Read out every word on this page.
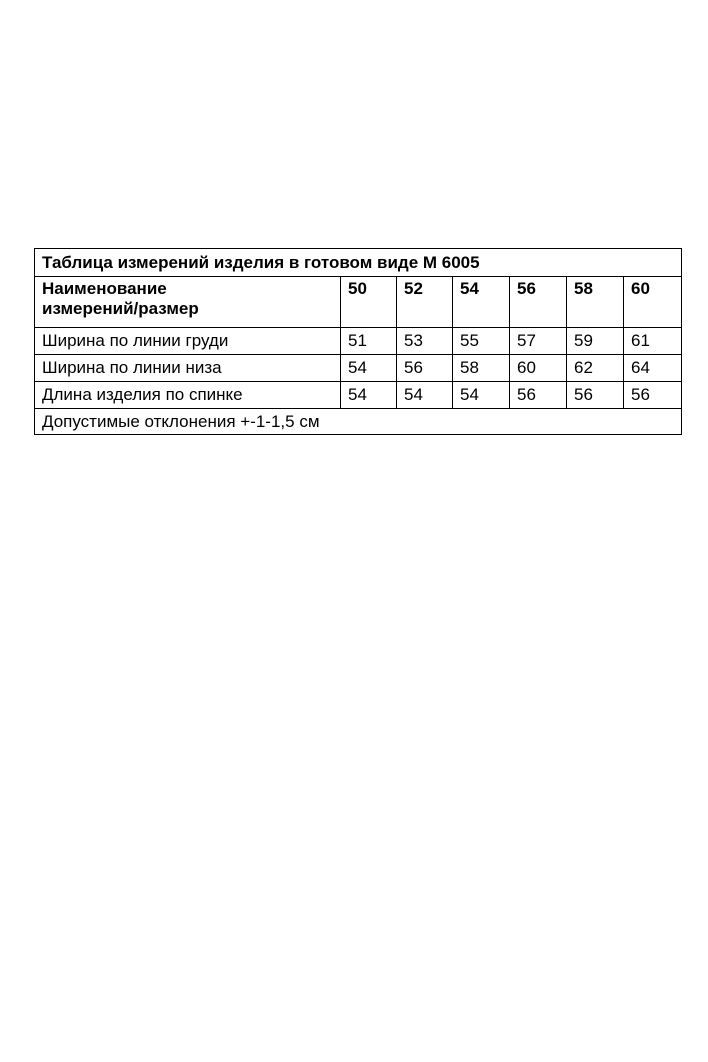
Таблица измерений изделия в готовом виде М 6005						

Наименование
измерений/размер	50	52	54	56	58	60

Ширина по линии груди	51	53	55	57	59	61
Ширина по линии низа	54	56	58	60	62	64
Длина изделия по спинке	54	54	54	56	56	56
Допустимые отклонения +-1-1,5 см						
